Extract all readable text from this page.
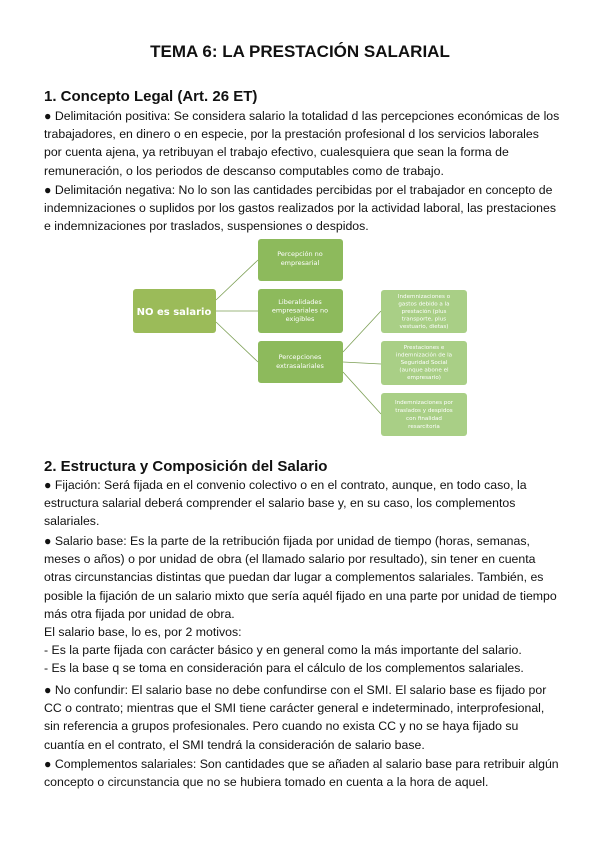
TEMA 6: LA PRESTACIÓN SALARIAL
1. Concepto Legal (Art. 26 ET)

● Delimitación positiva: Se considera salario la totalidad d las percepciones económicas de los trabajadores, en dinero o en especie, por la prestación profesional d los servicios laborales por cuenta ajena, ya retribuyan el trabajo efectivo, cualesquiera que sean la forma de remuneración, o los periodos de descanso computables como de trabajo.

● Delimitación negativa: No lo son las cantidades percibidas por el trabajador en concepto de indemnizaciones o suplidos por los gastos realizados por la actividad laboral, las prestaciones e indemnizaciones por traslados, suspensiones o despidos.

NO es salario
Percepción no empresarial
Liberalidades empresariales no exigibles
Percepciones extrasalariales
Indemnizaciones o gastos debido a la prestación (plus transporte, plus vestuario, dietas)
Prestaciones e indemnización de la Seguridad Social (aunque abone el empresario)
Indemnizaciones por traslados y despidos con finalidad resarcitoria
2. Estructura y Composición del Salario

● Fijación: Será fijada en el convenio colectivo o en el contrato, aunque, en todo caso, la estructura salarial deberá comprender el salario base y, en su caso, los complementos salariales.

● Salario base: Es la parte de la retribución fijada por unidad de tiempo (horas, semanas, meses o años) o por unidad de obra (el llamado salario por resultado), sin tener en cuenta otras circunstancias distintas que puedan dar lugar a complementos salariales. También, es posible la fijación de un salario mixto que sería aquél fijado en una parte por unidad de tiempo más otra fijada por unidad de obra.

El salario base, lo es, por 2 motivos:

- Es la parte fijada con carácter básico y en general como la más importante del salario.

- Es la base q se toma en consideración para el cálculo de los complementos salariales.

● No confundir: El salario base no debe confundirse con el SMI. El salario base es fijado por CC o contrato; mientras que el SMI tiene carácter general e indeterminado, interprofesional, sin referencia a grupos profesionales. Pero cuando no exista CC y no se haya fijado su cuantía en el contrato, el SMI tendrá la consideración de salario base.

● Complementos salariales: Son cantidades que se añaden al salario base para retribuir algún concepto o circunstancia que no se hubiera tomado en cuenta a la hora de aquel.
